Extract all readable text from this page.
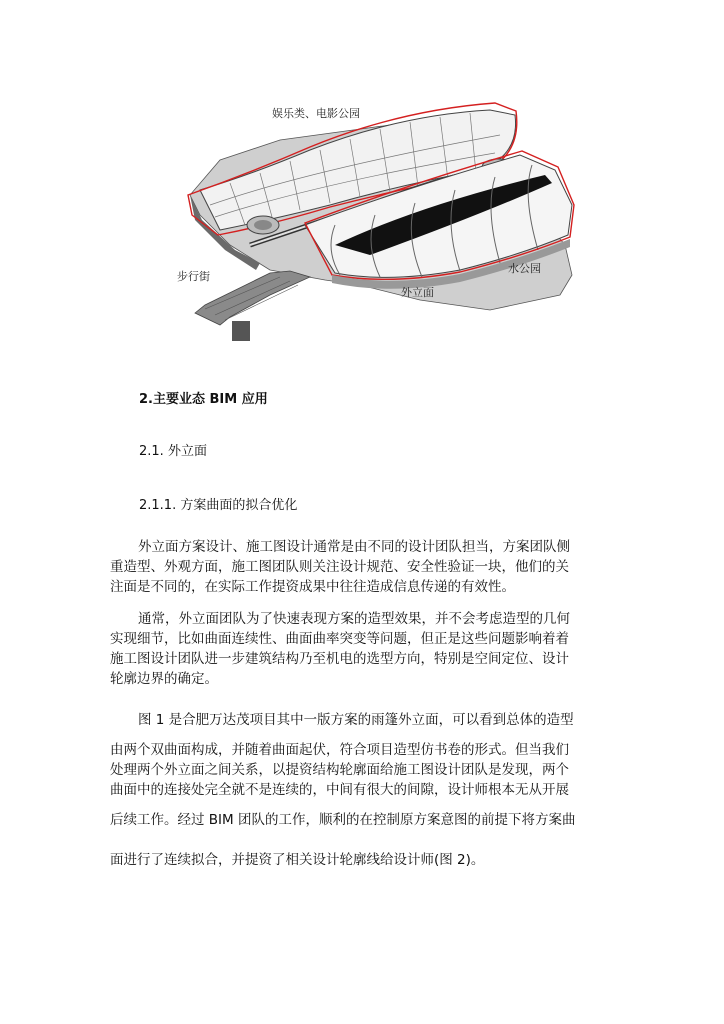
娱乐类、电影公园
步行街
水公园
外立面
2.主要业态 BIM 应用
2.1. 外立面
2.1.1. 方案曲面的拟合优化
外立面方案设计、施工图设计通常是由不同的设计团队担当，方案团队侧
重造型、外观方面，施工图团队则关注设计规范、安全性验证一块，他们的关
注面是不同的，在实际工作提资成果中往往造成信息传递的有效性。
通常，外立面团队为了快速表现方案的造型效果，并不会考虑造型的几何
实现细节，比如曲面连续性、曲面曲率突变等问题，但正是这些问题影响着着
施工图设计团队进一步建筑结构乃至机电的选型方向，特别是空间定位、设计
轮廓边界的确定。
图 1 是合肥万达茂项目其中一版方案的雨篷外立面，可以看到总体的造型
由两个双曲面构成，并随着曲面起伏，符合项目造型仿书卷的形式。但当我们
处理两个外立面之间关系，以提资结构轮廓面给施工图设计团队是发现，两个
曲面中的连接处完全就不是连续的，中间有很大的间隙，设计师根本无从开展
后续工作。经过 BIM 团队的工作，顺利的在控制原方案意图的前提下将方案曲
面进行了连续拟合，并提资了相关设计轮廓线给设计师(图 2)。
